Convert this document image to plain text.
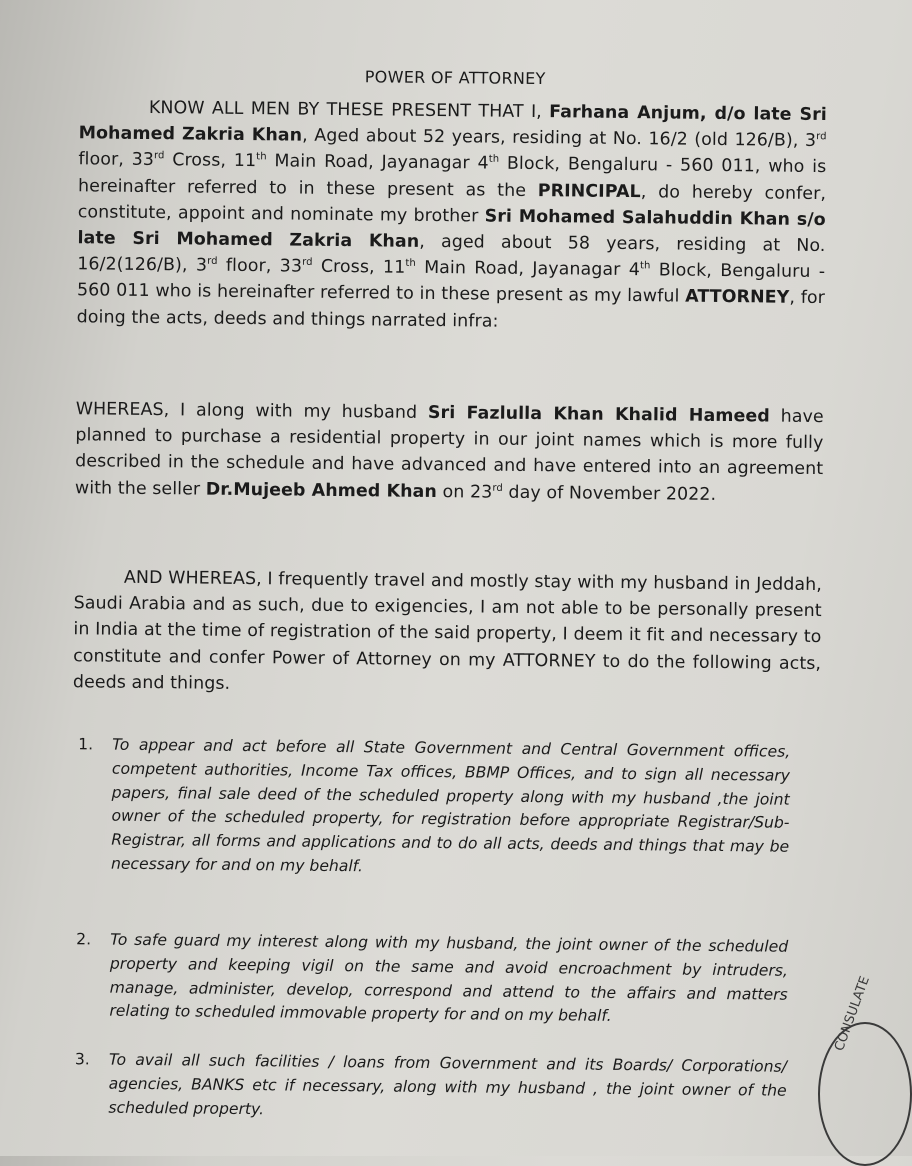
POWER OF ATTORNEY
KNOW ALL MEN BY THESE PRESENT THAT I, Farhana Anjum, d/o late Sri Mohamed Zakria Khan, Aged about 52 years, residing at No. 16/2 (old 126/B), 3rd floor, 33rd Cross, 11th Main Road, Jayanagar 4th Block, Bengaluru - 560 011, who is hereinafter referred to in these present as the PRINCIPAL, do hereby confer, constitute, appoint and nominate my brother Sri Mohamed Salahuddin Khan s/o late Sri Mohamed Zakria Khan, aged about 58 years, residing at No. 16/2(126/B), 3rd floor, 33rd Cross, 11th Main Road, Jayanagar 4th Block, Bengaluru - 560 011 who is hereinafter referred to in these present as my lawful ATTORNEY, for doing the acts, deeds and things narrated infra:
WHEREAS, I along with my husband Sri Fazlulla Khan Khalid Hameed have planned to purchase a residential property in our joint names which is more fully described in the schedule and have advanced and have entered into an agreement with the seller Dr.Mujeeb Ahmed Khan on 23rd day of November 2022.
AND WHEREAS, I frequently travel and mostly stay with my husband in Jeddah, Saudi Arabia and as such, due to exigencies, I am not able to be personally present in India at the time of registration of the said property, I deem it fit and necessary to constitute and confer Power of Attorney on my ATTORNEY to do the following acts, deeds and things.
1. To appear and act before all State Government and Central Government offices, competent authorities, Income Tax offices, BBMP Offices, and to sign all necessary papers, final sale deed of the scheduled property along with my husband ,the joint owner of the scheduled property, for registration before appropriate Registrar/Sub-Registrar, all forms and applications and to do all acts, deeds and things that may be necessary for and on my behalf.
2. To safe guard my interest along with my husband, the joint owner of the scheduled property and keeping vigil on the same and avoid encroachment by intruders, manage, administer, develop, correspond and attend to the affairs and matters relating to scheduled immovable property for and on my behalf.
3. To avail all such facilities / loans from Government and its Boards/ Corporations/ agencies, BANKS etc if necessary, along with my husband , the joint owner of the scheduled property.
CONSULATE
